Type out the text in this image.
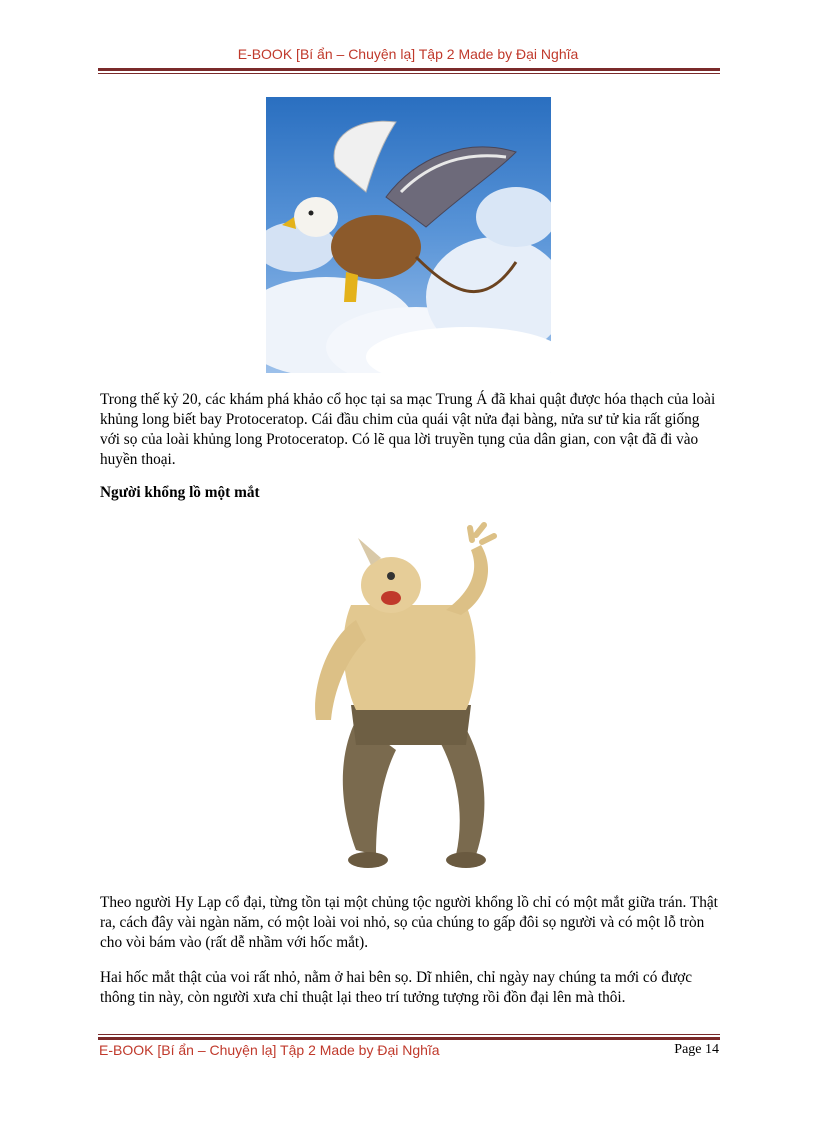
E-BOOK [Bí ẩn – Chuyện lạ] Tập 2 Made by Đại Nghĩa

Trong thế kỷ 20, các khám phá khảo cổ học tại sa mạc Trung Á đã khai quật được hóa thạch của loài khủng long biết bay Protoceratop. Cái đầu chim của quái vật nửa đại bàng, nửa sư tử kia rất giống với sọ của loài khủng long Protoceratop. Có lẽ qua lời truyền tụng của dân gian, con vật đã đi vào huyền thoại.

Người khổng lồ một mắt

Theo người Hy Lạp cổ đại, từng tồn tại một chủng tộc người khổng lồ chỉ có một mắt giữa trán. Thật ra, cách đây vài ngàn năm, có một loài voi nhỏ, sọ của chúng to gấp đôi sọ người và có một lỗ tròn cho vòi bám vào (rất dễ nhầm với hốc mắt).

Hai hốc mắt thật của voi rất nhỏ, nằm ở hai bên sọ. Dĩ nhiên, chỉ ngày nay chúng ta mới có được thông tin này, còn người xưa chỉ thuật lại theo trí tưởng tượng rồi đồn đại lên mà thôi.

E-BOOK [Bí ẩn – Chuyện lạ] Tập 2 Made by Đại Nghĩa	Page 14
